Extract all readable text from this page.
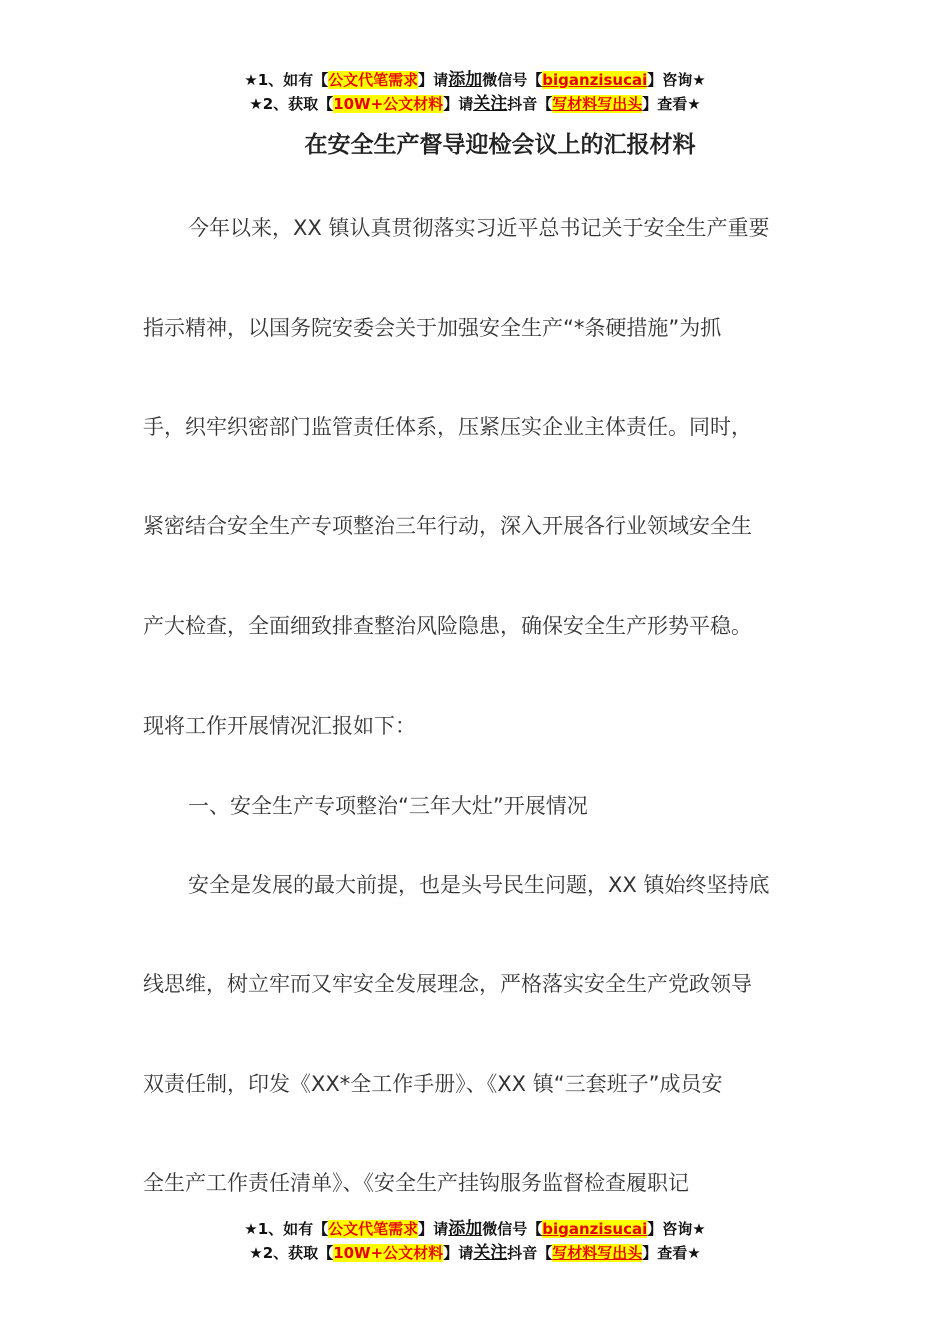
★1、如有【公文代笔需求】请添加微信号【biganzisucai】咨询★
★2、获取【10W+公文材料】请关注抖音【写材料写出头】查看★
在安全生产督导迎检会议上的汇报材料
今年以来，XX 镇认真贯彻落实习近平总书记关于安全生产重要
指示精神，以国务院安委会关于加强安全生产“*条硬措施”为抓
手，织牢织密部门监管责任体系，压紧压实企业主体责任。同时，
紧密结合安全生产专项整治三年行动，深入开展各行业领域安全生
产大检查，全面细致排查整治风险隐患，确保安全生产形势平稳。
现将工作开展情况汇报如下：
一、安全生产专项整治“三年大灶”开展情况
安全是发展的最大前提，也是头号民生问题，XX 镇始终坚持底
线思维，树立牢而又牢安全发展理念，严格落实安全生产党政领导
双责任制，印发《XX*全工作手册》、《XX 镇“三套班子”成员安
全生产工作责任清单》、《安全生产挂钩服务监督检查履职记
★1、如有【公文代笔需求】请添加微信号【biganzisucai】咨询★
★2、获取【10W+公文材料】请关注抖音【写材料写出头】查看★
